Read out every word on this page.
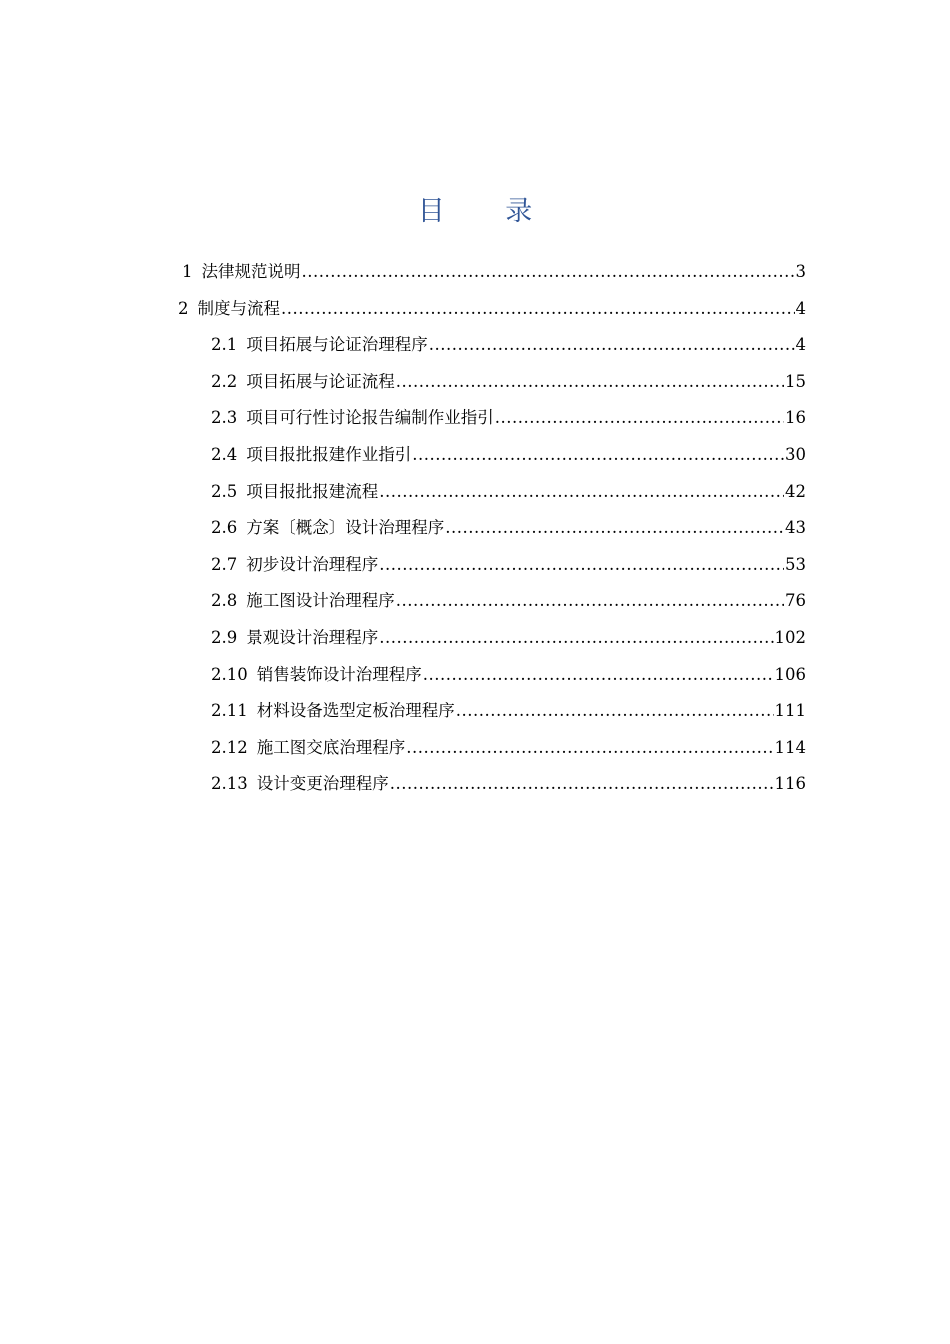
目 录
1 法律规范说明 .....	3
2 制度与流程 .....	4
2.1 项目拓展与论证治理程序 .....	4
2.2 项目拓展与论证流程 .....	15
2.3 项目可行性讨论报告编制作业指引 .....	16
2.4 项目报批报建作业指引 .....	30
2.5 项目报批报建流程 .....	42
2.6 方案〔概念〕设计治理程序 .....	43
2.7 初步设计治理程序 .....	53
2.8 施工图设计治理程序 .....	76
2.9 景观设计治理程序 .....	102
2.10 销售装饰设计治理程序 .....	106
2.11 材料设备选型定板治理程序 .....	111
2.12 施工图交底治理程序 .....	114
2.13 设计变更治理程序 .....	116
